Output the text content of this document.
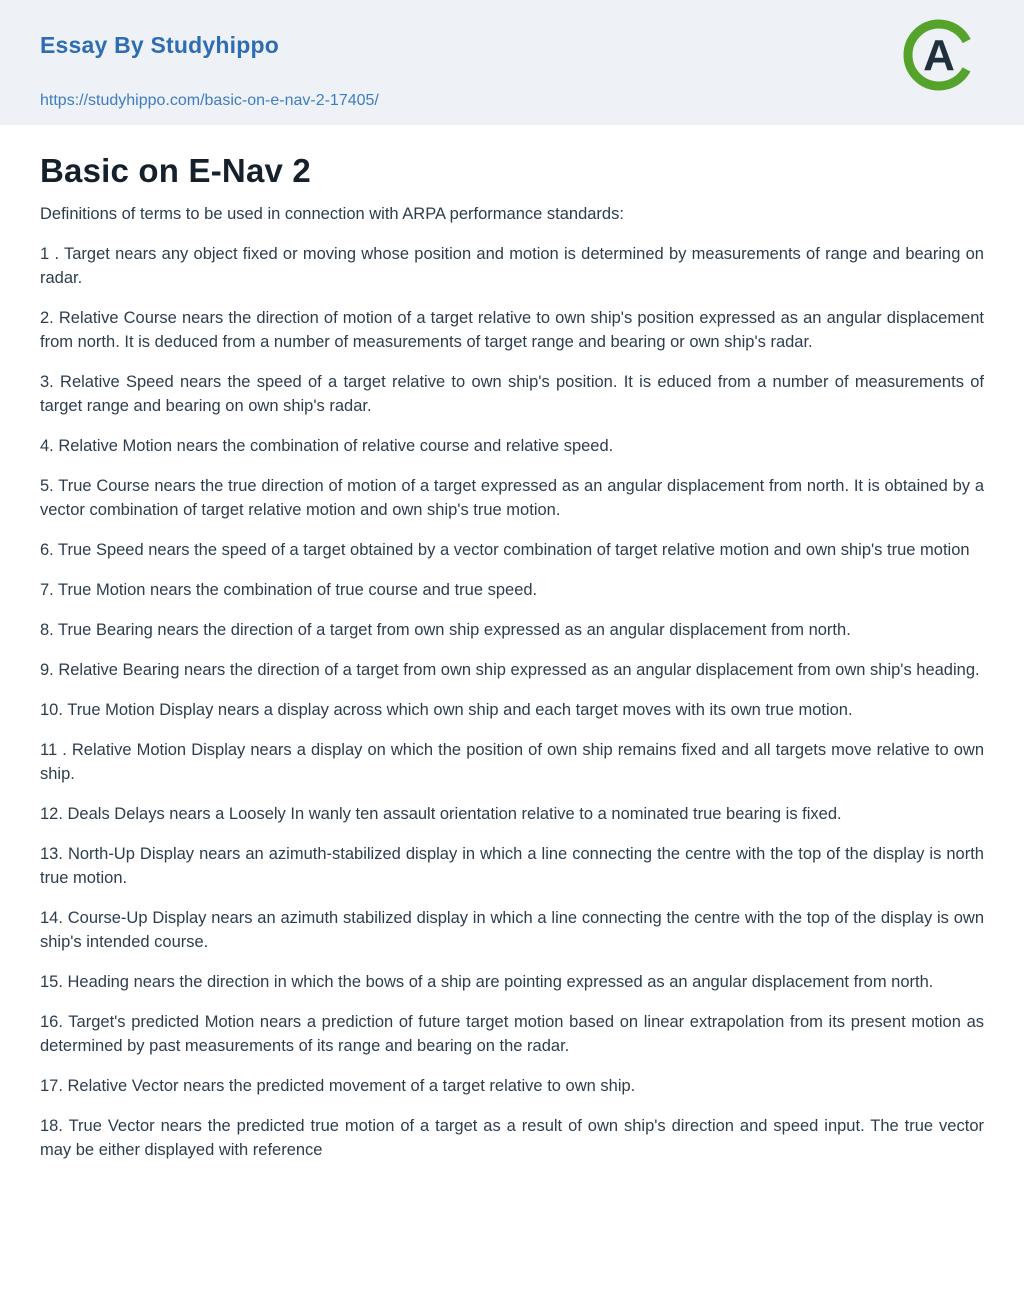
Essay By Studyhippo

https://studyhippo.com/basic-on-e-nav-2-17405/
A
Basic on E-Nav 2

Definitions of terms to be used in connection with ARPA performance standards:

1 . Target nears any object fixed or moving whose position and motion is determined by measurements of range and bearing on radar.

2. Relative Course nears the direction of motion of a target relative to own ship's position expressed as an angular displacement from north. It is deduced from a number of measurements of target range and bearing or own ship's radar.

3. Relative Speed nears the speed of a target relative to own ship's position. It is educed from a number of measurements of target range and bearing on own ship's radar.

4. Relative Motion nears the combination of relative course and relative speed.

5. True Course nears the true direction of motion of a target expressed as an angular displacement from north. It is obtained by a vector combination of target relative motion and own ship's true motion.

6. True Speed nears the speed of a target obtained by a vector combination of target relative motion and own ship's true motion

7. True Motion nears the combination of true course and true speed.

8. True Bearing nears the direction of a target from own ship expressed as an angular displacement from north.

9. Relative Bearing nears the direction of a target from own ship expressed as an angular displacement from own ship's heading.

10. True Motion Display nears a display across which own ship and each target moves with its own true motion.

11 . Relative Motion Display nears a display on which the position of own ship remains fixed and all targets move relative to own ship.

12. Deals Delays nears a Loosely In wanly ten assault orientation relative to a nominated true bearing is fixed.

13. North-Up Display nears an azimuth-stabilized display in which a line connecting the centre with the top of the display is north true motion.

14. Course-Up Display nears an azimuth stabilized display in which a line connecting the centre with the top of the display is own ship's intended course.

15. Heading nears the direction in which the bows of a ship are pointing expressed as an angular displacement from north.

16. Target's predicted Motion nears a prediction of future target motion based on linear extrapolation from its present motion as determined by past measurements of its range and bearing on the radar.

17. Relative Vector nears the predicted movement of a target relative to own ship.

18. True Vector nears the predicted true motion of a target as a result of own ship's direction and speed input. The true vector may be either displayed with reference
